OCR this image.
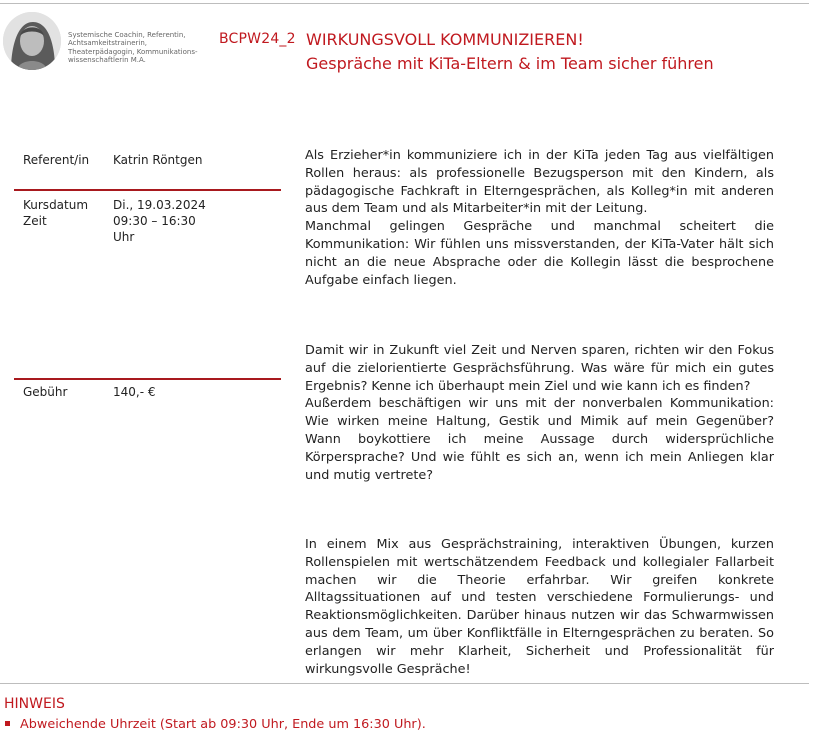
Systemische Coachin, Referentin,
Achtsamkeitstrainerin,
Theaterpädagogin, Kommunikations-
wissenschaftlerin M.A.
BCPW24_2 WIRKUNGSVOLL KOMMUNIZIEREN!
Gespräche mit KiTa-Eltern & im Team sicher führen
Referent/in Katrin Röntgen
Kursdatum
Zeit
Di., 19.03.2024
09:30 – 16:30
Uhr
Gebühr	140,- €

Als Erzieher*in kommuniziere ich in der KiTa jeden Tag aus vielfältigen Rollen heraus: als professionelle Bezugsperson mit den Kindern, als pädagogische Fachkraft in Elterngesprächen, als Kolleg*in mit anderen aus dem Team und als Mitarbeiter*in mit der Leitung.

Manchmal gelingen Gespräche und manchmal scheitert die Kommunikation: Wir fühlen uns missverstanden, der KiTa-Vater hält sich nicht an die neue Absprache oder die Kollegin lässt die besprochene Aufgabe einfach liegen.

Damit wir in Zukunft viel Zeit und Nerven sparen, richten wir den Fokus auf die zielorientierte Gesprächsführung. Was wäre für mich ein gutes Ergebnis? Kenne ich überhaupt mein Ziel und wie kann ich es finden?

Außerdem beschäftigen wir uns mit der nonverbalen Kommunikation: Wie wirken meine Haltung, Gestik und Mimik auf mein Gegenüber? Wann boykottiere ich meine Aussage durch widersprüchliche Körpersprache? Und wie fühlt es sich an, wenn ich mein Anliegen klar und mutig vertrete?

In einem Mix aus Gesprächstraining, interaktiven Übungen, kurzen Rollenspielen mit wertschätzendem Feedback und kollegialer Fallarbeit machen wir die Theorie erfahrbar. Wir greifen konkrete Alltagssituationen auf und testen verschiedene Formulierungs- und Reaktionsmöglichkeiten. Darüber hinaus nutzen wir das Schwarmwissen aus dem Team, um über Konfliktfälle in Elterngesprächen zu beraten. So erlangen wir mehr Klarheit, Sicherheit und Professionalität für wirkungsvolle Gespräche!

HINWEIS
Abweichende Uhrzeit (Start ab 09:30 Uhr, Ende um 16:30 Uhr).
